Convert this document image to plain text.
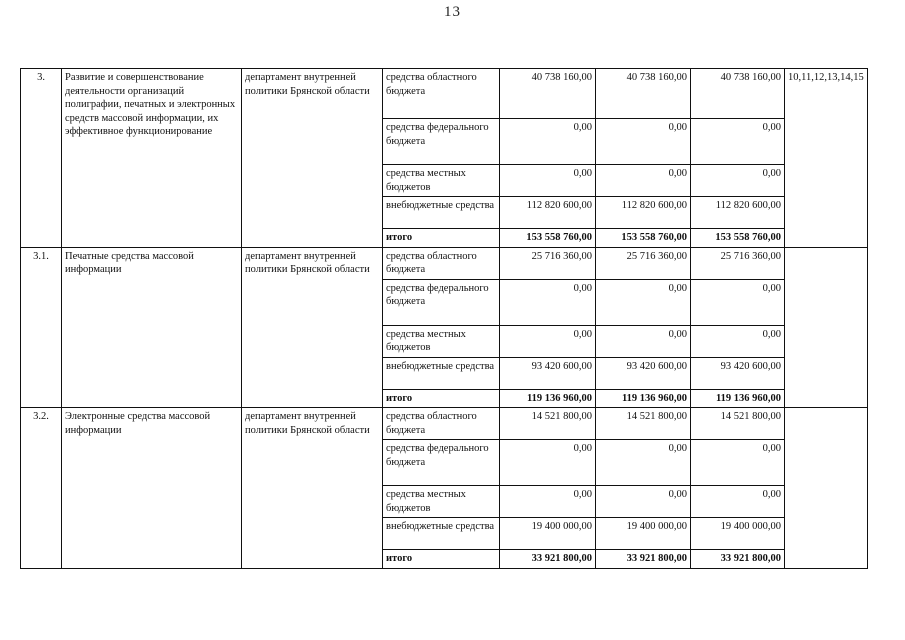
13
3.	Развитие и совершенствование деятельности организаций полиграфии, печатных и электронных средств массовой информации, их эффективное функционирование	департамент внутренней политики Брянской области	средства областного бюджета	40 738 160,00	40 738 160,00	40 738 160,00	10,11,12,13,14,15
			средства федерального бюджета	0,00	0,00	0,00	
			средства местных бюджетов	0,00	0,00	0,00	
			внебюджетные средства	112 820 600,00	112 820 600,00	112 820 600,00	
			итого	153 558 760,00	153 558 760,00	153 558 760,00	
3.1.	Печатные средства массовой информации	департамент внутренней политики Брянской области	средства областного бюджета	25 716 360,00	25 716 360,00	25 716 360,00	
			средства федерального бюджета	0,00	0,00	0,00	
			средства местных бюджетов	0,00	0,00	0,00	
			внебюджетные средства	93 420 600,00	93 420 600,00	93 420 600,00	
			итого	119 136 960,00	119 136 960,00	119 136 960,00	
3.2.	Электронные средства массовой информации	департамент внутренней политики Брянской области	средства областного бюджета	14 521 800,00	14 521 800,00	14 521 800,00	
			средства федерального бюджета	0,00	0,00	0,00	
			средства местных бюджетов	0,00	0,00	0,00	
			внебюджетные средства	19 400 000,00	19 400 000,00	19 400 000,00	
			итого	33 921 800,00	33 921 800,00	33 921 800,00	
